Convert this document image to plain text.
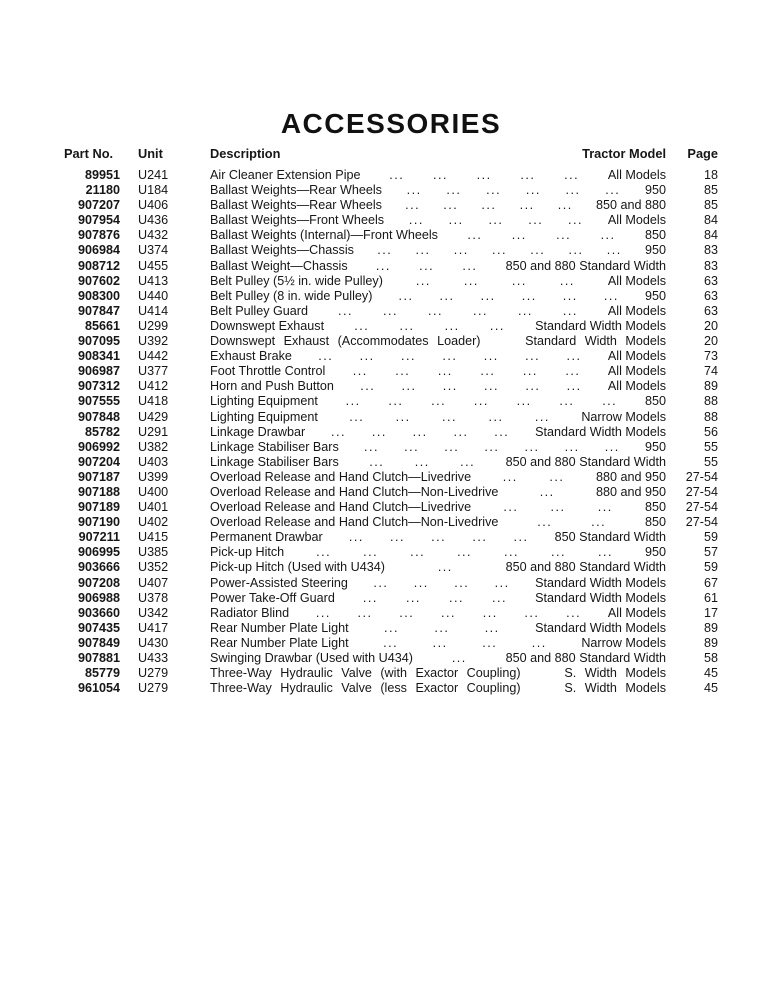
ACCESSORIES
Part No.	Unit	Description	Tractor Model	Page
89951	U241	Air Cleaner Extension Pipe ... ... ... ... ... All Models	18
21180	U184	Ballast Weights—Rear Wheels ... ... ... ... ... ... 950	85
907207	U406	Ballast Weights—Rear Wheels ... ... ... ... ... 850 and 880	85
907954	U436	Ballast Weights—Front Wheels ... ... ... ... ... All Models	84
907876	U432	Ballast Weights (Internal)—Front Wheels ... ... ... ... 850	84
906984	U374	Ballast Weights—Chassis ... ... ... ... ... ... ... 950	83
908712	U455	Ballast Weight—Chassis ... ... ... 850 and 880 Standard Width	83
907602	U413	Belt Pulley (5½ in. wide Pulley)	...	...	...	...	All Models	63
908300	U440	Belt Pulley (8 in. wide Pulley) ... ... ... ... ... ... 950	63
907847	U414	Belt Pulley Guard ... ... ... ... ... ... All Models	63
85661	U299	Downswept Exhaust ... ... ... ... Standard Width Models	20
907095	U392	Downswept Exhaust (Accommodates Loader)	Standard Width Models	20
908341	U442	Exhaust Brake ... ... ... ... ... ... ... All Models	73
906987	U377	Foot Throttle Control ... ... ... ... ... ... All Models	74
907312	U412	Horn and Push Button ... ... ... ... ... ... All Models	89
907555	U418	Lighting Equipment ... ... ... ... ... ... ... 850	88
907848	U429	Lighting Equipment ... ... ... ... ... Narrow Models	88
85782	U291	Linkage Drawbar ... ... ... ... ... Standard Width Models	56
906992	U382	Linkage Stabiliser Bars ... ... ... ... ... ... ... 950	55
907204	U403	Linkage Stabiliser Bars ... ... ... 850 and 880 Standard Width	55
907187	U399	Overload Release and Hand Clutch—Livedrive	...	...	880 and 950	27-54
907188	U400	Overload Release and Hand Clutch—Non-Livedrive	...	880 and 950	27-54
907189	U401	Overload Release and Hand Clutch—Livedrive	...	...	...	850	27-54
907190	U402	Overload Release and Hand Clutch—Non-Livedrive	...	...	850	27-54
907211	U415	Permanent Drawbar ... ... ... ... ... 850 Standard Width	59
906995	U385	Pick-up Hitch	...	...	...	...	...	...	...	950	57
903666	U352	Pick-up Hitch (Used with U434)	...	850 and 880 Standard Width	59
907208	U407	Power-Assisted Steering ... ... ... ... Standard Width Models	67
906988	U378	Power Take-Off Guard ... ... ... ... Standard Width Models	61
903660	U342	Radiator Blind ... ... ... ... ... ... ... All Models	17
907435	U417	Rear Number Plate Light	...	...	...	Standard Width Models	89
907849	U430	Rear Number Plate Light	...	...	...	...	Narrow Models	89
907881	U433	Swinging Drawbar (Used with U434)	...	850 and 880 Standard Width	58
85779	U279	Three-Way Hydraulic Valve (with Exactor Coupling)	S. Width Models	45
961054	U279	Three-Way Hydraulic Valve (less Exactor Coupling)	S. Width Models	45
